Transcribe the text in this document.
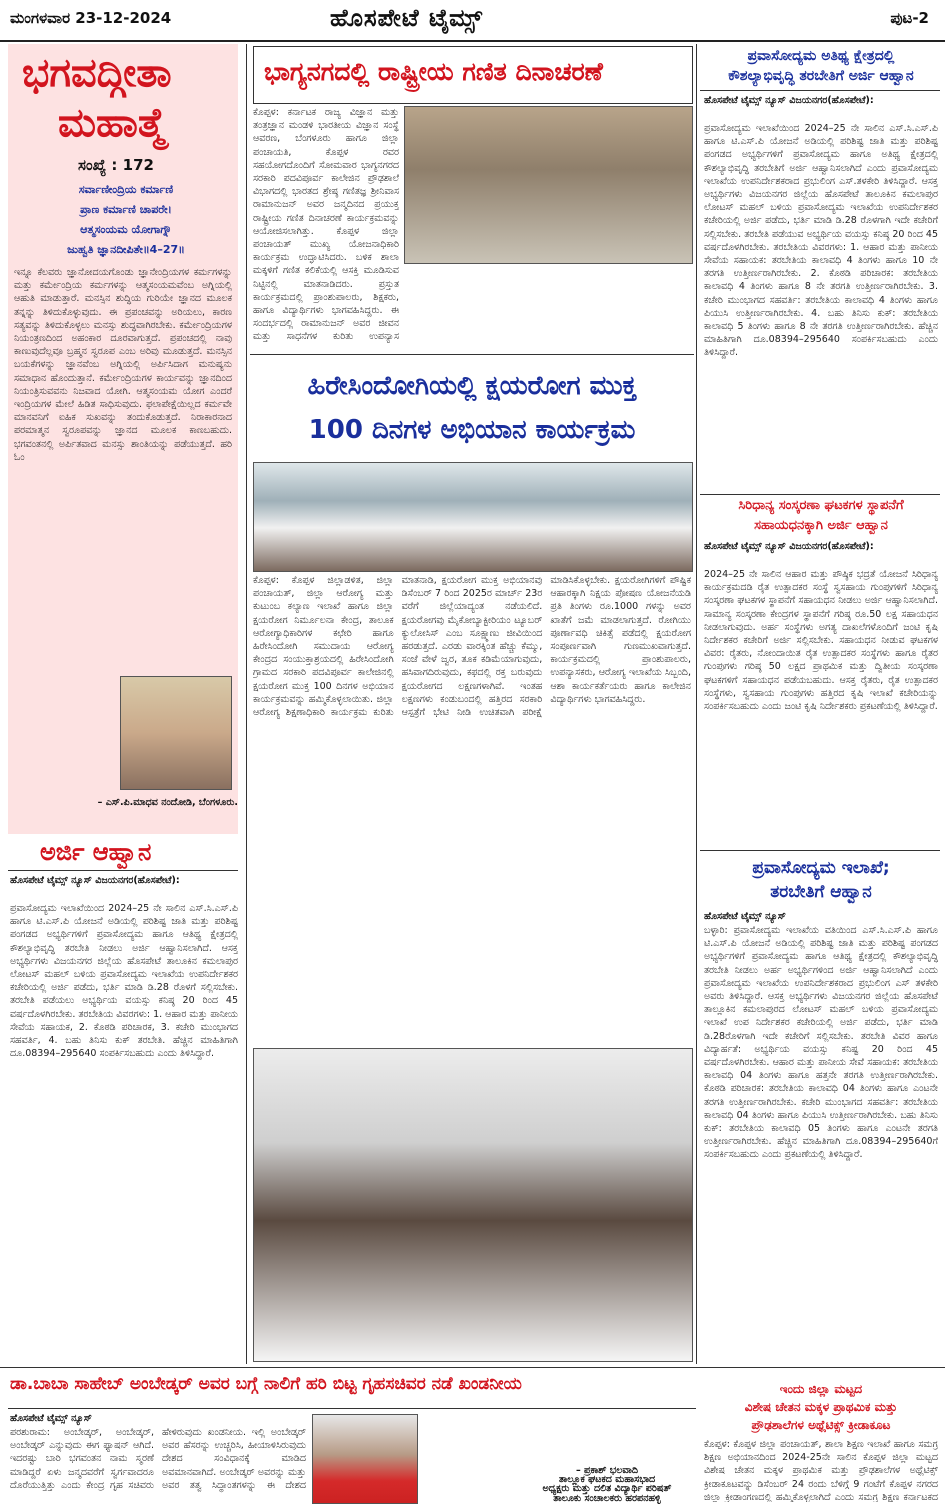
ಮಂಗಳವಾರ 23-12-2024	ಹೊಸಪೇಟೆ ಟೈಮ್ಸ್	ಪುಟ-2
ಭಗವದ್ಗೀತಾ
ಮಹಾತ್ಮೆ
ಸಂಖ್ಯೆ : 172
ಸರ್ವಾಣೀಂದ್ರಿಯ ಕರ್ಮಾಣಿ
ಪ್ರಾಣ ಕರ್ಮಾಣಿ ಚಾಪರೇ।
ಆತ್ಮಸಂಯಮ ಯೋಗಾಗ್ನೌ
ಜುಹ್ವತಿ ಜ್ಞಾನದೀಪಿತೇ॥4–27॥
ಇನ್ನೂ ಕೆಲವರು ಜ್ಞಾನೋದಯಗೊಂಡು ಜ್ಞಾನೇಂದ್ರಿಯಗಳ ಕರ್ಮಗಳನ್ನು ಮತ್ತು ಕರ್ಮೇಂದ್ರಿಯ ಕರ್ಮಗಳನ್ನು ಆತ್ಮಸಂಯಮವೆಂಬ ಅಗ್ನಿಯಲ್ಲಿ ಆಹುತಿ ಮಾಡುತ್ತಾರೆ. ಮನಸ್ಸಿನ ಶುದ್ಧಿಯ ಗುರಿಯೇ ಜ್ಞಾನದ ಮೂಲಕ ತನ್ನನ್ನು ತಿಳಿದುಕೊಳ್ಳುವುದು. ಈ ಪ್ರಪಂಚವನ್ನು ಅರಿಯಲು, ಕಾರಣ ಸತ್ಯವನ್ನು ತಿಳಿದುಕೊಳ್ಳಲು ಮನಸ್ಸು ಶುದ್ಧವಾಗಿರಬೇಕು. ಕರ್ಮೇಂದ್ರಿಯಗಳ ನಿಯಂತ್ರಣದಿಂದ ಅಹಂಕಾರ ದೂರವಾಗುತ್ತದೆ. ಪ್ರಪಂಚದಲ್ಲಿ ನಾವು ಕಾಣುವುದೆಲ್ಲವೂ ಬ್ರಹ್ಮನ ಸ್ವರೂಪ ಎಂಬ ಅರಿವು ಮೂಡುತ್ತದೆ. ಮನಸ್ಸಿನ ಬಯಕೆಗಳನ್ನು ಜ್ಞಾನವೆಂಬ ಅಗ್ನಿಯಲ್ಲಿ ಅರ್ಪಿಸಿದಾಗ ಮನುಷ್ಯನು ಸಮಾಧಾನ ಹೊಂದುತ್ತಾನೆ. ಕರ್ಮೇಂದ್ರಿಯಗಳ ಕಾರ್ಯವನ್ನು ಜ್ಞಾನದಿಂದ ನಿಯಂತ್ರಿಸುವವನು ನಿಜವಾದ ಯೋಗಿ. ಆತ್ಮಸಂಯಮ ಯೋಗ ಎಂದರೆ ಇಂದ್ರಿಯಗಳ ಮೇಲೆ ಹಿಡಿತ ಸಾಧಿಸುವುದು. ಫಲಾಪೇಕ್ಷೆಯಿಲ್ಲದ ಕರ್ಮವೇ ಮಾನವನಿಗೆ ಐಹಿಕ ಸುಖವನ್ನು ತಂದುಕೊಡುತ್ತದೆ. ನಿರಾಕಾರನಾದ ಪರಮಾತ್ಮನ ಸ್ವರೂಪವನ್ನು ಜ್ಞಾನದ ಮೂಲಕ ಕಾಣಬಹುದು. ಭಗವಂತನಲ್ಲಿ ಅರ್ಪಿತವಾದ ಮನಸ್ಸು ಶಾಂತಿಯನ್ನು ಪಡೆಯುತ್ತದೆ. ಹರಿ ಓಂ
– ಎಸ್.ಪಿ.ಮಾಧವ ನಂದೋಡಿ, ಬೆಂಗಳೂರು.
ಅರ್ಜಿ ಆಹ್ವಾನ
ಹೊಸಪೇಟೆ ಟೈಮ್ಸ್ ನ್ಯೂಸ್ ವಿಜಯನಗರ(ಹೊಸಪೇಟೆ):
ಪ್ರವಾಸೋದ್ಯಮ ಇಲಾಖೆಯಿಂದ 2024–25 ನೇ ಸಾಲಿನ ಎಸ್.ಸಿ.ಎಸ್.ಪಿ ಹಾಗೂ ಟಿ.ಎಸ್.ಪಿ ಯೋಜನೆ ಅಡಿಯಲ್ಲಿ ಪರಿಶಿಷ್ಟ ಜಾತಿ ಮತ್ತು ಪರಿಶಿಷ್ಟ ಪಂಗಡದ ಅಭ್ಯರ್ಥಿಗಳಿಗೆ ಪ್ರವಾಸೋದ್ಯಮ ಹಾಗೂ ಆತಿಥ್ಯ ಕ್ಷೇತ್ರದಲ್ಲಿ ಕೌಶಲ್ಯಾಭಿವೃದ್ಧಿ ತರಬೇತಿ ನೀಡಲು ಅರ್ಜಿ ಆಹ್ವಾನಿಸಲಾಗಿದೆ. ಆಸಕ್ತ ಅಭ್ಯರ್ಥಿಗಳು ವಿಜಯನಗರ ಜಿಲ್ಲೆಯ ಹೊಸಪೇಟೆ ತಾಲೂಕಿನ ಕಮಲಾಪುರ ಲೋಟಸ್ ಮಹಲ್ ಬಳಿಯ ಪ್ರವಾಸೋದ್ಯಮ ಇಲಾಖೆಯ ಉಪನಿರ್ದೇಶಕರ ಕಚೇರಿಯಲ್ಲಿ ಅರ್ಜಿ ಪಡೆದು, ಭರ್ತಿ ಮಾಡಿ ಡಿ.28 ರೊಳಗೆ ಸಲ್ಲಿಸಬೇಕು. ತರಬೇತಿ ಪಡೆಯಲು ಅಭ್ಯರ್ಥಿಯ ವಯಸ್ಸು ಕನಿಷ್ಠ 20 ರಿಂದ 45 ವರ್ಷದೊಳಗಿರಬೇಕು. ತರಬೇತಿಯ ವಿವರಗಳು: 1. ಆಹಾರ ಮತ್ತು ಪಾನೀಯ ಸೇವೆಯ ಸಹಾಯಕ, 2. ಕೊಠಡಿ ಪರಿಚಾರಕ, 3. ಕಚೇರಿ ಮುಂಭಾಗದ ಸಹವರ್ತಿ, 4. ಬಹು ತಿನಿಸು ಕುಕ್ ತರಬೇತಿ. ಹೆಚ್ಚಿನ ಮಾಹಿತಿಗಾಗಿ ದೂ.08394–295640 ಸಂಪರ್ಕಿಸಬಹುದು ಎಂದು ತಿಳಿಸಿದ್ದಾರೆ.
ಭಾಗ್ಯನಗದಲ್ಲಿ ರಾಷ್ಟ್ರೀಯ ಗಣಿತ ದಿನಾಚರಣೆ
ಕೊಪ್ಪಳ: ಕರ್ನಾಟಕ ರಾಜ್ಯ ವಿಜ್ಞಾನ ಮತ್ತು ತಂತ್ರಜ್ಞಾನ ಮಂಡಳಿ ಭಾರತೀಯ ವಿಜ್ಞಾನ ಸಂಸ್ಥೆ ಆವರಣ, ಬೆಂಗಳೂರು ಹಾಗೂ ಜಿಲ್ಲಾ ಪಂಚಾಯತಿ, ಕೊಪ್ಪಳ ರವರ ಸಹಯೋಗದೊಂದಿಗೆ ಸೋಮವಾರ ಭಾಗ್ಯನಗರದ ಸರಕಾರಿ ಪದವಿಪೂರ್ವ ಕಾಲೇಜಿನ ಪ್ರೌಢಶಾಲೆ ವಿಭಾಗದಲ್ಲಿ ಭಾರತದ ಶ್ರೇಷ್ಠ ಗಣಿತಜ್ಞ ಶ್ರೀನಿವಾಸ ರಾಮಾನುಜನ್ ಅವರ ಜನ್ಮದಿನದ ಪ್ರಯುಕ್ತ ರಾಷ್ಟ್ರೀಯ ಗಣಿತ ದಿನಾಚರಣೆ ಕಾರ್ಯಕ್ರಮವನ್ನು ಆಯೋಜಿಸಲಾಗಿತ್ತು. ಕೊಪ್ಪಳ ಜಿಲ್ಲಾ ಪಂಚಾಯತ್ ಮುಖ್ಯ ಯೋಜನಾಧಿಕಾರಿ ಕಾರ್ಯಕ್ರಮ ಉದ್ಘಾಟಿಸಿದರು. ಬಳಿಕ ಶಾಲಾ ಮಕ್ಕಳಿಗೆ ಗಣಿತ ಕಲಿಕೆಯಲ್ಲಿ ಆಸಕ್ತಿ ಮೂಡಿಸುವ ನಿಟ್ಟಿನಲ್ಲಿ ಮಾತನಾಡಿದರು. ಪ್ರಸ್ತುತ ಕಾರ್ಯಕ್ರಮದಲ್ಲಿ ಪ್ರಾಂಶುಪಾಲರು, ಶಿಕ್ಷಕರು, ಹಾಗೂ ವಿದ್ಯಾರ್ಥಿಗಳು ಭಾಗವಹಿಸಿದ್ದರು. ಈ ಸಂದರ್ಭದಲ್ಲಿ ರಾಮಾನುಜನ್ ಅವರ ಜೀವನ ಮತ್ತು ಸಾಧನೆಗಳ ಕುರಿತು ಉಪನ್ಯಾಸ
ಹಿರೇಸಿಂದೋಗಿಯಲ್ಲಿ ಕ್ಷಯರೋಗ ಮುಕ್ತ
100 ದಿನಗಳ ಅಭಿಯಾನ ಕಾರ್ಯಕ್ರಮ
ಕೊಪ್ಪಳ: ಕೊಪ್ಪಳ ಜಿಲ್ಲಾಡಳಿತ, ಜಿಲ್ಲಾ ಪಂಚಾಯತ್, ಜಿಲ್ಲಾ ಆರೋಗ್ಯ ಮತ್ತು ಕುಟುಂಬ ಕಲ್ಯಾಣ ಇಲಾಖೆ ಹಾಗೂ ಜಿಲ್ಲಾ ಕ್ಷಯರೋಗ ನಿರ್ಮೂಲನಾ ಕೇಂದ್ರ, ತಾಲೂಕ ಆರೋಗ್ಯಾಧಿಕಾರಿಗಳ ಕಛೇರಿ ಹಾಗೂ ಹಿರೇಸಿಂದೋಗಿ ಸಮುದಾಯ ಆರೋಗ್ಯ ಕೇಂದ್ರದ ಸಂಯುಕ್ತಾಶ್ರಯದಲ್ಲಿ ಹಿರೇಸಿಂದೋಗಿ ಗ್ರಾಮದ ಸರಕಾರಿ ಪದವಿಪೂರ್ವ ಕಾಲೇಜಿನಲ್ಲಿ ಕ್ಷಯರೋಗ ಮುಕ್ತ 100 ದಿನಗಳ ಅಭಿಯಾನ ಕಾರ್ಯಕ್ರಮವನ್ನು ಹಮ್ಮಿಕೊಳ್ಳಲಾಯಿತು. ಜಿಲ್ಲಾ ಆರೋಗ್ಯ ಶಿಕ್ಷಣಾಧಿಕಾರಿ ಕಾರ್ಯಕ್ರಮ ಕುರಿತು ಮಾತನಾಡಿ, ಕ್ಷಯರೋಗ ಮುಕ್ತ ಅಭಿಯಾನವು ಡಿಸೆಂಬರ್ 7 ರಿಂದ 2025ರ ಮಾರ್ಚ್ 23ರ ವರೆಗೆ ಜಿಲ್ಲೆಯಾದ್ಯಂತ ನಡೆಯಲಿದೆ. ಕ್ಷಯರೋಗವು ಮೈಕೋಬ್ಯಾಕ್ಟೀರಿಯಂ ಟ್ಯೂಬರ್ ಕ್ಯುಲೋಸಿಸ್ ಎಂಬ ಸೂಕ್ಷ್ಮಾಣು ಜೀವಿಯಿಂದ ಹರಡುತ್ತದೆ. ಎರಡು ವಾರಕ್ಕಿಂತ ಹೆಚ್ಚು ಕೆಮ್ಮು, ಸಂಜೆ ವೇಳೆ ಜ್ವರ, ತೂಕ ಕಡಿಮೆಯಾಗುವುದು, ಹಸಿವಾಗದಿರುವುದು, ಕಫದಲ್ಲಿ ರಕ್ತ ಬರುವುದು ಕ್ಷಯರೋಗದ ಲಕ್ಷಣಗಳಾಗಿವೆ. ಇಂತಹ ಲಕ್ಷಣಗಳು ಕಂಡುಬಂದಲ್ಲಿ ಹತ್ತಿರದ ಸರಕಾರಿ ಆಸ್ಪತ್ರೆಗೆ ಭೇಟಿ ನೀಡಿ ಉಚಿತವಾಗಿ ಪರೀಕ್ಷೆ ಮಾಡಿಸಿಕೊಳ್ಳಬೇಕು. ಕ್ಷಯರೋಗಿಗಳಿಗೆ ಪೌಷ್ಟಿಕ ಆಹಾರಕ್ಕಾಗಿ ನಿಕ್ಷಯ ಪೋಷಣ ಯೋಜನೆಯಡಿ ಪ್ರತಿ ತಿಂಗಳು ರೂ.1000 ಗಳನ್ನು ಅವರ ಖಾತೆಗೆ ಜಮೆ ಮಾಡಲಾಗುತ್ತದೆ. ರೋಗಿಯು ಪೂರ್ಣಾವಧಿ ಚಿಕಿತ್ಸೆ ಪಡೆದಲ್ಲಿ ಕ್ಷಯರೋಗ ಸಂಪೂರ್ಣವಾಗಿ ಗುಣಮುಖವಾಗುತ್ತದೆ. ಕಾರ್ಯಕ್ರಮದಲ್ಲಿ ಪ್ರಾಂಶುಪಾಲರು, ಉಪನ್ಯಾಸಕರು, ಆರೋಗ್ಯ ಇಲಾಖೆಯ ಸಿಬ್ಬಂದಿ, ಆಶಾ ಕಾರ್ಯಕರ್ತೆಯರು ಹಾಗೂ ಕಾಲೇಜಿನ ವಿದ್ಯಾರ್ಥಿಗಳು ಭಾಗವಹಿಸಿದ್ದರು.
ಪ್ರವಾಸೋದ್ಯಮ ಅತಿಥ್ಯ ಕ್ಷೇತ್ರದಲ್ಲಿ
ಕೌಶಲ್ಯಾಭಿವೃದ್ಧಿ ತರಬೇತಿಗೆ ಅರ್ಜಿ ಆಹ್ವಾನ
ಹೊಸಪೇಟೆ ಟೈಮ್ಸ್ ನ್ಯೂಸ್ ವಿಜಯನಗರ(ಹೊಸಪೇಟೆ):
ಪ್ರವಾಸೋದ್ಯಮ ಇಲಾಖೆಯಿಂದ 2024–25 ನೇ ಸಾಲಿನ ಎಸ್.ಸಿ.ಎಸ್.ಪಿ ಹಾಗೂ ಟಿ.ಎಸ್.ಪಿ ಯೋಜನೆ ಅಡಿಯಲ್ಲಿ ಪರಿಶಿಷ್ಟ ಜಾತಿ ಮತ್ತು ಪರಿಶಿಷ್ಟ ಪಂಗಡದ ಅಭ್ಯರ್ಥಿಗಳಿಗೆ ಪ್ರವಾಸೋದ್ಯಮ ಹಾಗೂ ಅತಿಥ್ಯ ಕ್ಷೇತ್ರದಲ್ಲಿ ಕೌಶಲ್ಯಾಭಿವೃದ್ಧಿ ತರಬೇತಿಗೆ ಅರ್ಜಿ ಆಹ್ವಾನಿಸಲಾಗಿದೆ ಎಂದು ಪ್ರವಾಸೋದ್ಯಮ ಇಲಾಖೆಯ ಉಪನಿರ್ದೇಶಕರಾದ ಪ್ರಭುಲಿಂಗ ಎಸ್.ತಳಕೇರಿ ತಿಳಿಸಿದ್ದಾರೆ. ಆಸಕ್ತ ಅಭ್ಯರ್ಥಿಗಳು ವಿಜಯನಗರ ಜಿಲ್ಲೆಯ ಹೊಸಪೇಟೆ ತಾಲೂಕಿನ ಕಮಲಾಪುರ ಲೋಟಸ್ ಮಹಲ್ ಬಳಿಯ ಪ್ರವಾಸೋದ್ಯಮ ಇಲಾಖೆಯ ಉಪನಿರ್ದೇಶಕರ ಕಚೇರಿಯಲ್ಲಿ ಅರ್ಜಿ ಪಡೆದು, ಭರ್ತಿ ಮಾಡಿ ಡಿ.28 ರೊಳಗಾಗಿ ಇದೇ ಕಚೇರಿಗೆ ಸಲ್ಲಿಸಬೇಕು. ತರಬೇತಿ ಪಡೆಯುವ ಅಭ್ಯರ್ಥಿಯ ವಯಸ್ಸು ಕನಿಷ್ಠ 20 ರಿಂದ 45 ವರ್ಷದೊಳಗಿರಬೇಕು. ತರಬೇತಿಯ ವಿವರಗಳು: 1. ಆಹಾರ ಮತ್ತು ಪಾನೀಯ ಸೇವೆಯ ಸಹಾಯಕ: ತರಬೇತಿಯ ಕಾಲಾವಧಿ 4 ತಿಂಗಳು ಹಾಗೂ 10 ನೇ ತರಗತಿ ಉತ್ತೀರ್ಣರಾಗಿರಬೇಕು. 2. ಕೊಠಡಿ ಪರಿಚಾರಕ: ತರಬೇತಿಯ ಕಾಲಾವಧಿ 4 ತಿಂಗಳು ಹಾಗೂ 8 ನೇ ತರಗತಿ ಉತ್ತೀರ್ಣರಾಗಿರಬೇಕು. 3. ಕಚೇರಿ ಮುಂಭಾಗದ ಸಹವರ್ತಿ: ತರಬೇತಿಯ ಕಾಲಾವಧಿ 4 ತಿಂಗಳು ಹಾಗೂ ಪಿಯುಸಿ ಉತ್ತೀರ್ಣರಾಗಿರಬೇಕು. 4. ಬಹು ತಿನಿಸು ಕುಕ್: ತರಬೇತಿಯ ಕಾಲಾವಧಿ 5 ತಿಂಗಳು ಹಾಗೂ 8 ನೇ ತರಗತಿ ಉತ್ತೀರ್ಣರಾಗಿರಬೇಕು. ಹೆಚ್ಚಿನ ಮಾಹಿತಿಗಾಗಿ ದೂ.08394–295640 ಸಂಪರ್ಕಿಸಬಹುದು ಎಂದು ತಿಳಿಸಿದ್ದಾರೆ.
ಸಿರಿಧಾನ್ಯ ಸಂಸ್ಕರಣಾ ಘಟಕಗಳ ಸ್ಥಾಪನೆಗೆ
ಸಹಾಯಧನಕ್ಕಾಗಿ ಅರ್ಜಿ ಆಹ್ವಾನ
ಹೊಸಪೇಟೆ ಟೈಮ್ಸ್ ನ್ಯೂಸ್ ವಿಜಯನಗರ(ಹೊಸಪೇಟೆ):
2024–25 ನೇ ಸಾಲಿನ ಆಹಾರ ಮತ್ತು ಪೌಷ್ಠಿಕ ಭದ್ರತೆ ಯೋಜನೆ ಸಿರಿಧಾನ್ಯ ಕಾರ್ಯಕ್ರಮದಡಿ ರೈತ ಉತ್ಪಾದಕರ ಸಂಸ್ಥೆ ಸ್ವಸಹಾಯ ಗುಂಪುಗಳಿಗೆ ಸಿರಿಧಾನ್ಯ ಸಂಸ್ಕರಣಾ ಘಟಕಗಳ ಸ್ಥಾಪನೆಗೆ ಸಹಾಯಧನ ನೀಡಲು ಅರ್ಜಿ ಆಹ್ವಾನಿಸಲಾಗಿದೆ. ಸಾಮಾನ್ಯ ಸಂಸ್ಕರಣಾ ಕೇಂದ್ರಗಳ ಸ್ಥಾಪನೆಗೆ ಗರಿಷ್ಠ ರೂ.50 ಲಕ್ಷ ಸಹಾಯಧನ ನೀಡಲಾಗುವುದು. ಅರ್ಹ ಸಂಸ್ಥೆಗಳು ಅಗತ್ಯ ದಾಖಲೆಗಳೊಂದಿಗೆ ಜಂಟಿ ಕೃಷಿ ನಿರ್ದೇಶಕರ ಕಚೇರಿಗೆ ಅರ್ಜಿ ಸಲ್ಲಿಸಬೇಕು. ಸಹಾಯಧನ ನೀಡುವ ಘಟಕಗಳ ವಿವರ: ರೈತರು, ನೋಂದಾಯಿತ ರೈತ ಉತ್ಪಾದಕರ ಸಂಸ್ಥೆಗಳು ಹಾಗೂ ರೈತರ ಗುಂಪುಗಳು ಗರಿಷ್ಠ 50 ಲಕ್ಷದ ಪ್ರಾಥಮಿಕ ಮತ್ತು ದ್ವಿತೀಯ ಸಂಸ್ಕರಣಾ ಘಟಕಗಳಿಗೆ ಸಹಾಯಧನ ಪಡೆಯಬಹುದು. ಆಸಕ್ತ ರೈತರು, ರೈತ ಉತ್ಪಾದಕರ ಸಂಸ್ಥೆಗಳು, ಸ್ವಸಹಾಯ ಗುಂಪುಗಳು ಹತ್ತಿರದ ಕೃಷಿ ಇಲಾಖೆ ಕಚೇರಿಯನ್ನು ಸಂಪರ್ಕಿಸಬಹುದು ಎಂದು ಜಂಟಿ ಕೃಷಿ ನಿರ್ದೇಶಕರು ಪ್ರಕಟಣೆಯಲ್ಲಿ ತಿಳಿಸಿದ್ದಾರೆ.
ಪ್ರವಾಸೋದ್ಯಮ ಇಲಾಖೆ;
ತರಬೇತಿಗೆ ಆಹ್ವಾನ
ಹೊಸಪೇಟೆ ಟೈಮ್ಸ್ ನ್ಯೂಸ್
ಬಳ್ಳಾರಿ: ಪ್ರವಾಸೋದ್ಯಮ ಇಲಾಖೆಯ ವತಿಯಿಂದ ಎಸ್.ಸಿ.ಎಸ್.ಪಿ ಹಾಗೂ ಟಿ.ಎಸ್.ಪಿ ಯೋಜನೆ ಅಡಿಯಲ್ಲಿ ಪರಿಶಿಷ್ಟ ಜಾತಿ ಮತ್ತು ಪರಿಶಿಷ್ಟ ಪಂಗಡದ ಅಭ್ಯರ್ಥಿಗಳಿಗೆ ಪ್ರವಾಸೋದ್ಯಮ ಹಾಗೂ ಆತಿಥ್ಯ ಕ್ಷೇತ್ರದಲ್ಲಿ ಕೌಶಲ್ಯಾಭಿವೃದ್ಧಿ ತರಬೇತಿ ನೀಡಲು ಅರ್ಹ ಅಭ್ಯರ್ಥಿಗಳಿಂದ ಅರ್ಜಿ ಆಹ್ವಾನಿಸಲಾಗಿದೆ ಎಂದು ಪ್ರವಾಸೋದ್ಯಮ ಇಲಾಖೆಯ ಉಪನಿರ್ದೇಶಕರಾದ ಪ್ರಭುಲಿಂಗ ಎಸ್ ತಳಕೇರಿ ಅವರು ತಿಳಿಸಿದ್ದಾರೆ. ಆಸಕ್ತ ಅಭ್ಯರ್ಥಿಗಳು ವಿಜಯನಗರ ಜಿಲ್ಲೆಯ ಹೊಸಪೇಟೆ ತಾಲ್ಲೂಕಿನ ಕಮಲಾಪುರದ ಲೋಟಸ್ ಮಹಲ್ ಬಳಿಯ ಪ್ರವಾಸೋದ್ಯಮ ಇಲಾಖೆ ಉಪ ನಿರ್ದೇಶಕರ ಕಚೇರಿಯಲ್ಲಿ ಅರ್ಜಿ ಪಡೆದು, ಭರ್ತಿ ಮಾಡಿ ಡಿ.28ರೊಳಗಾಗಿ ಇದೇ ಕಚೇರಿಗೆ ಸಲ್ಲಿಸಬೇಕು. ತರಬೇತಿ ವಿವರ ಹಾಗೂ ವಿದ್ಯಾರ್ಹತೆ: ಅಭ್ಯರ್ಥಿಯ ವಯಸ್ಸು ಕನಿಷ್ಟ 20 ರಿಂದ 45 ವರ್ಷದೊಳಗಿರಬೇಕು. ಆಹಾರ ಮತ್ತು ಪಾನೀಯ ಸೇವೆ ಸಹಾಯಕ: ತರಬೇತಿಯ ಕಾಲಾವಧಿ 04 ತಿಂಗಳು ಹಾಗೂ ಹತ್ತನೇ ತರಗತಿ ಉತ್ತೀರ್ಣರಾಗಿರಬೇಕು. ಕೊಠಡಿ ಪರಿಚಾರಕ: ತರಬೇತಿಯ ಕಾಲಾವಧಿ 04 ತಿಂಗಳು ಹಾಗೂ ಎಂಟನೇ ತರಗತಿ ಉತ್ತೀರ್ಣರಾಗಿರಬೇಕು. ಕಚೇರಿ ಮುಂಭಾಗದ ಸಹವರ್ತಿ: ತರಬೇತಿಯ ಕಾಲಾವಧಿ 04 ತಿಂಗಳು ಹಾಗೂ ಪಿಯುಸಿ ಉತ್ತೀರ್ಣರಾಗಿರಬೇಕು. ಬಹು ತಿನಿಸು ಕುಕ್: ತರಬೇತಿಯ ಕಾಲಾವಧಿ 05 ತಿಂಗಳು ಹಾಗೂ ಎಂಟನೇ ತರಗತಿ ಉತ್ತೀರ್ಣರಾಗಿರಬೇಕು. ಹೆಚ್ಚಿನ ಮಾಹಿತಿಗಾಗಿ ದೂ.08394–295640ಗೆ ಸಂಪರ್ಕಿಸಬಹುದು ಎಂದು ಪ್ರಕಟಣೆಯಲ್ಲಿ ತಿಳಿಸಿದ್ದಾರೆ.
ಡಾ.ಬಾಬಾ ಸಾಹೇಬ್ ಅಂಬೇಡ್ಕರ್ ಅವರ ಬಗ್ಗೆ ನಾಲಿಗೆ ಹರಿ ಬಿಟ್ಟ ಗೃಹಸಚಿವರ ನಡೆ ಖಂಡನೀಯ
ಹೊಸಪೇಟೆ ಟೈಮ್ಸ್ ನ್ಯೂಸ್
ಪರಶುರಾಮ: ಅಂಬೇಡ್ಕರ್, ಅಂಬೇಡ್ಕರ್, ಅಂಬೇಡ್ಕರ್ ಎನ್ನುವುದು ಈಗ ಫ್ಯಾಷನ್ ಆಗಿದೆ. ಇದರಷ್ಟು ಬಾರಿ ಭಗವಂತನ ನಾಮ ಸ್ಮರಣೆ ಮಾಡಿದ್ದರೆ ಏಳು ಜನ್ಮದವರೆಗೆ ಸ್ವರ್ಗವಾದರೂ ದೊರೆಯುತ್ತಿತ್ತು ಎಂದು ಕೇಂದ್ರ ಗೃಹ ಸಚಿವರು ಹೇಳಿರುವುದು ಖಂಡನೀಯ. ಇಲ್ಲಿ ಅಂಬೇಡ್ಕರ್ ಅವರ ಹೆಸರನ್ನು ಉಚ್ಚರಿಸಿ, ಹೀಯಾಳಿಸಿರುವುದು ದೇಶದ ಸಂವಿಧಾನಕ್ಕೆ ಮಾಡಿದ ಅವಮಾನವಾಗಿದೆ. ಅಂಬೇಡ್ಕರ್ ಅವರನ್ನು ಮತ್ತು ಅವರ ತತ್ವ ಸಿದ್ಧಾಂತಗಳನ್ನು ಈ ದೇಶದ
– ಪ್ರಕಾಶ್ ಭಲವಾದಿ
ತಾಲ್ಲೂಕ ಘಟಕದ ಮಹಾಸಭಾದ
ಅಧ್ಯಕ್ಷರು ಮತ್ತು ದಲಿತ ವಿದ್ಯಾರ್ಥಿ ಪರಿಷತ್
ತಾಲೂಕು ಸಂಚಾಲಕರು ಹರಪನಹಳ್ಳಿ
ಇಂದು ಜಿಲ್ಲಾ ಮಟ್ಟದ
ವಿಶೇಷ ಚೇತನ ಮಕ್ಕಳ ಪ್ರಾಥಮಿಕ ಮತ್ತು
ಪ್ರೌಢಶಾಲೆಗಳ ಅಥ್ಲೆಟಿಕ್ಸ್ ಕ್ರೀಡಾಕೂಟ
ಕೊಪ್ಪಳ: ಕೊಪ್ಪಳ ಜಿಲ್ಲಾ ಪಂಚಾಯತ್, ಶಾಲಾ ಶಿಕ್ಷಣ ಇಲಾಖೆ ಹಾಗೂ ಸಮಗ್ರ ಶಿಕ್ಷಣ ಅಭಿಯಾನದಿಂದ 2024-25ನೇ ಸಾಲಿನ ಕೊಪ್ಪಳ ಜಿಲ್ಲಾ ಮಟ್ಟದ ವಿಶೇಷ ಚೇತನ ಮಕ್ಕಳ ಪ್ರಾಥಮಿಕ ಮತ್ತು ಪ್ರೌಢಶಾಲೆಗಳ ಅಥ್ಲೆಟಿಕ್ಸ್ ಕ್ರೀಡಾಕೂಟವನ್ನು ಡಿಸೆಂಬರ್ 24 ರಂದು ಬೆಳಿಗ್ಗೆ 9 ಗಂಟೆಗೆ ಕೊಪ್ಪಳ ನಗರದ ಜಿಲ್ಲಾ ಕ್ರೀಡಾಂಗಣದಲ್ಲಿ ಹಮ್ಮಿಕೊಳ್ಳಲಾಗಿದೆ ಎಂದು ಸಮಗ್ರ ಶಿಕ್ಷಣ ಕರ್ನಾಟಕದ
